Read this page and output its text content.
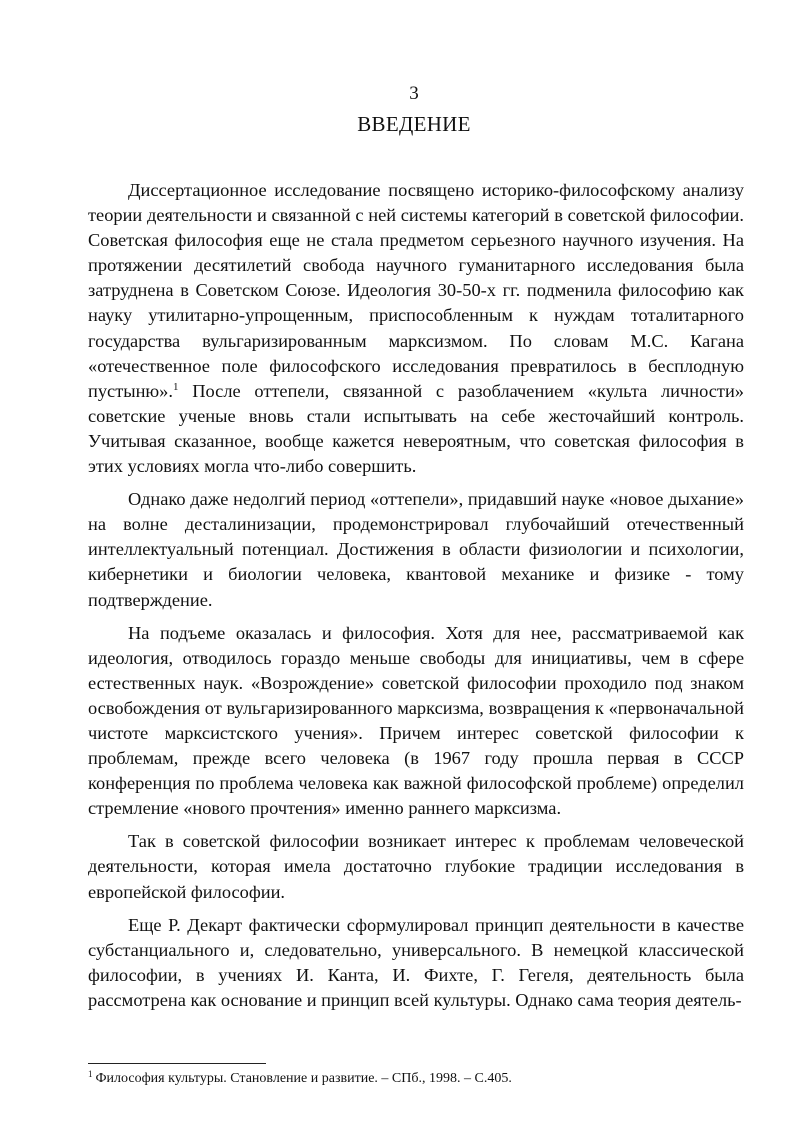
3
ВВЕДЕНИЕ

Диссертационное исследование посвящено историко-философскому анализу теории деятельности и связанной с ней системы категорий в советской философии. Советская философия еще не стала предметом серьезного научного изучения. На протяжении десятилетий свобода научного гуманитарного исследования была затруднена в Советском Союзе. Идеология 30-50-х гг. подменила философию как науку утилитарно-упрощенным, приспособленным к нуждам тоталитарного государства вульгаризированным марксизмом. По словам М.С. Кагана «отечественное поле философского исследования превратилось в бесплодную пустыню».$^1$ После оттепели, связанной с разоблачением «культа личности» советские ученые вновь стали испытывать на себе жесточайший контроль. Учитывая сказанное, вообще кажется невероятным, что советская философия в этих условиях могла что-либо совершить.

Однако даже недолгий период «оттепели», придавший науке «новое дыхание» на волне десталинизации, продемонстрировал глубочайший отечественный интеллектуальный потенциал. Достижения в области физиологии и психологии, кибернетики и биологии человека, квантовой механике и физике - тому подтверждение.

На подъеме оказалась и философия. Хотя для нее, рассматриваемой как идеология, отводилось гораздо меньше свободы для инициативы, чем в сфере естественных наук. «Возрождение» советской философии проходило под знаком освобождения от вульгаризированного марксизма, возвращения к «первоначальной чистоте марксистского учения». Причем интерес советской философии к проблемам, прежде всего человека (в 1967 году прошла первая в СССР конференция по проблема человека как важной философской проблеме) определил стремление «нового прочтения» именно раннего марксизма.

Так в советской философии возникает интерес к проблемам человеческой деятельности, которая имела достаточно глубокие традиции исследования в европейской философии.

Еще Р. Декарт фактически сформулировал принцип деятельности в качестве субстанциального и, следовательно, универсального. В немецкой классической философии, в учениях И. Канта, И. Фихте, Г. Гегеля, деятельность была рассмотрена как основание и принцип всей культуры. Однако сама теория деятель-

$^1$ Философия культуры. Становление и развитие. – СПб., 1998. – С.405.
